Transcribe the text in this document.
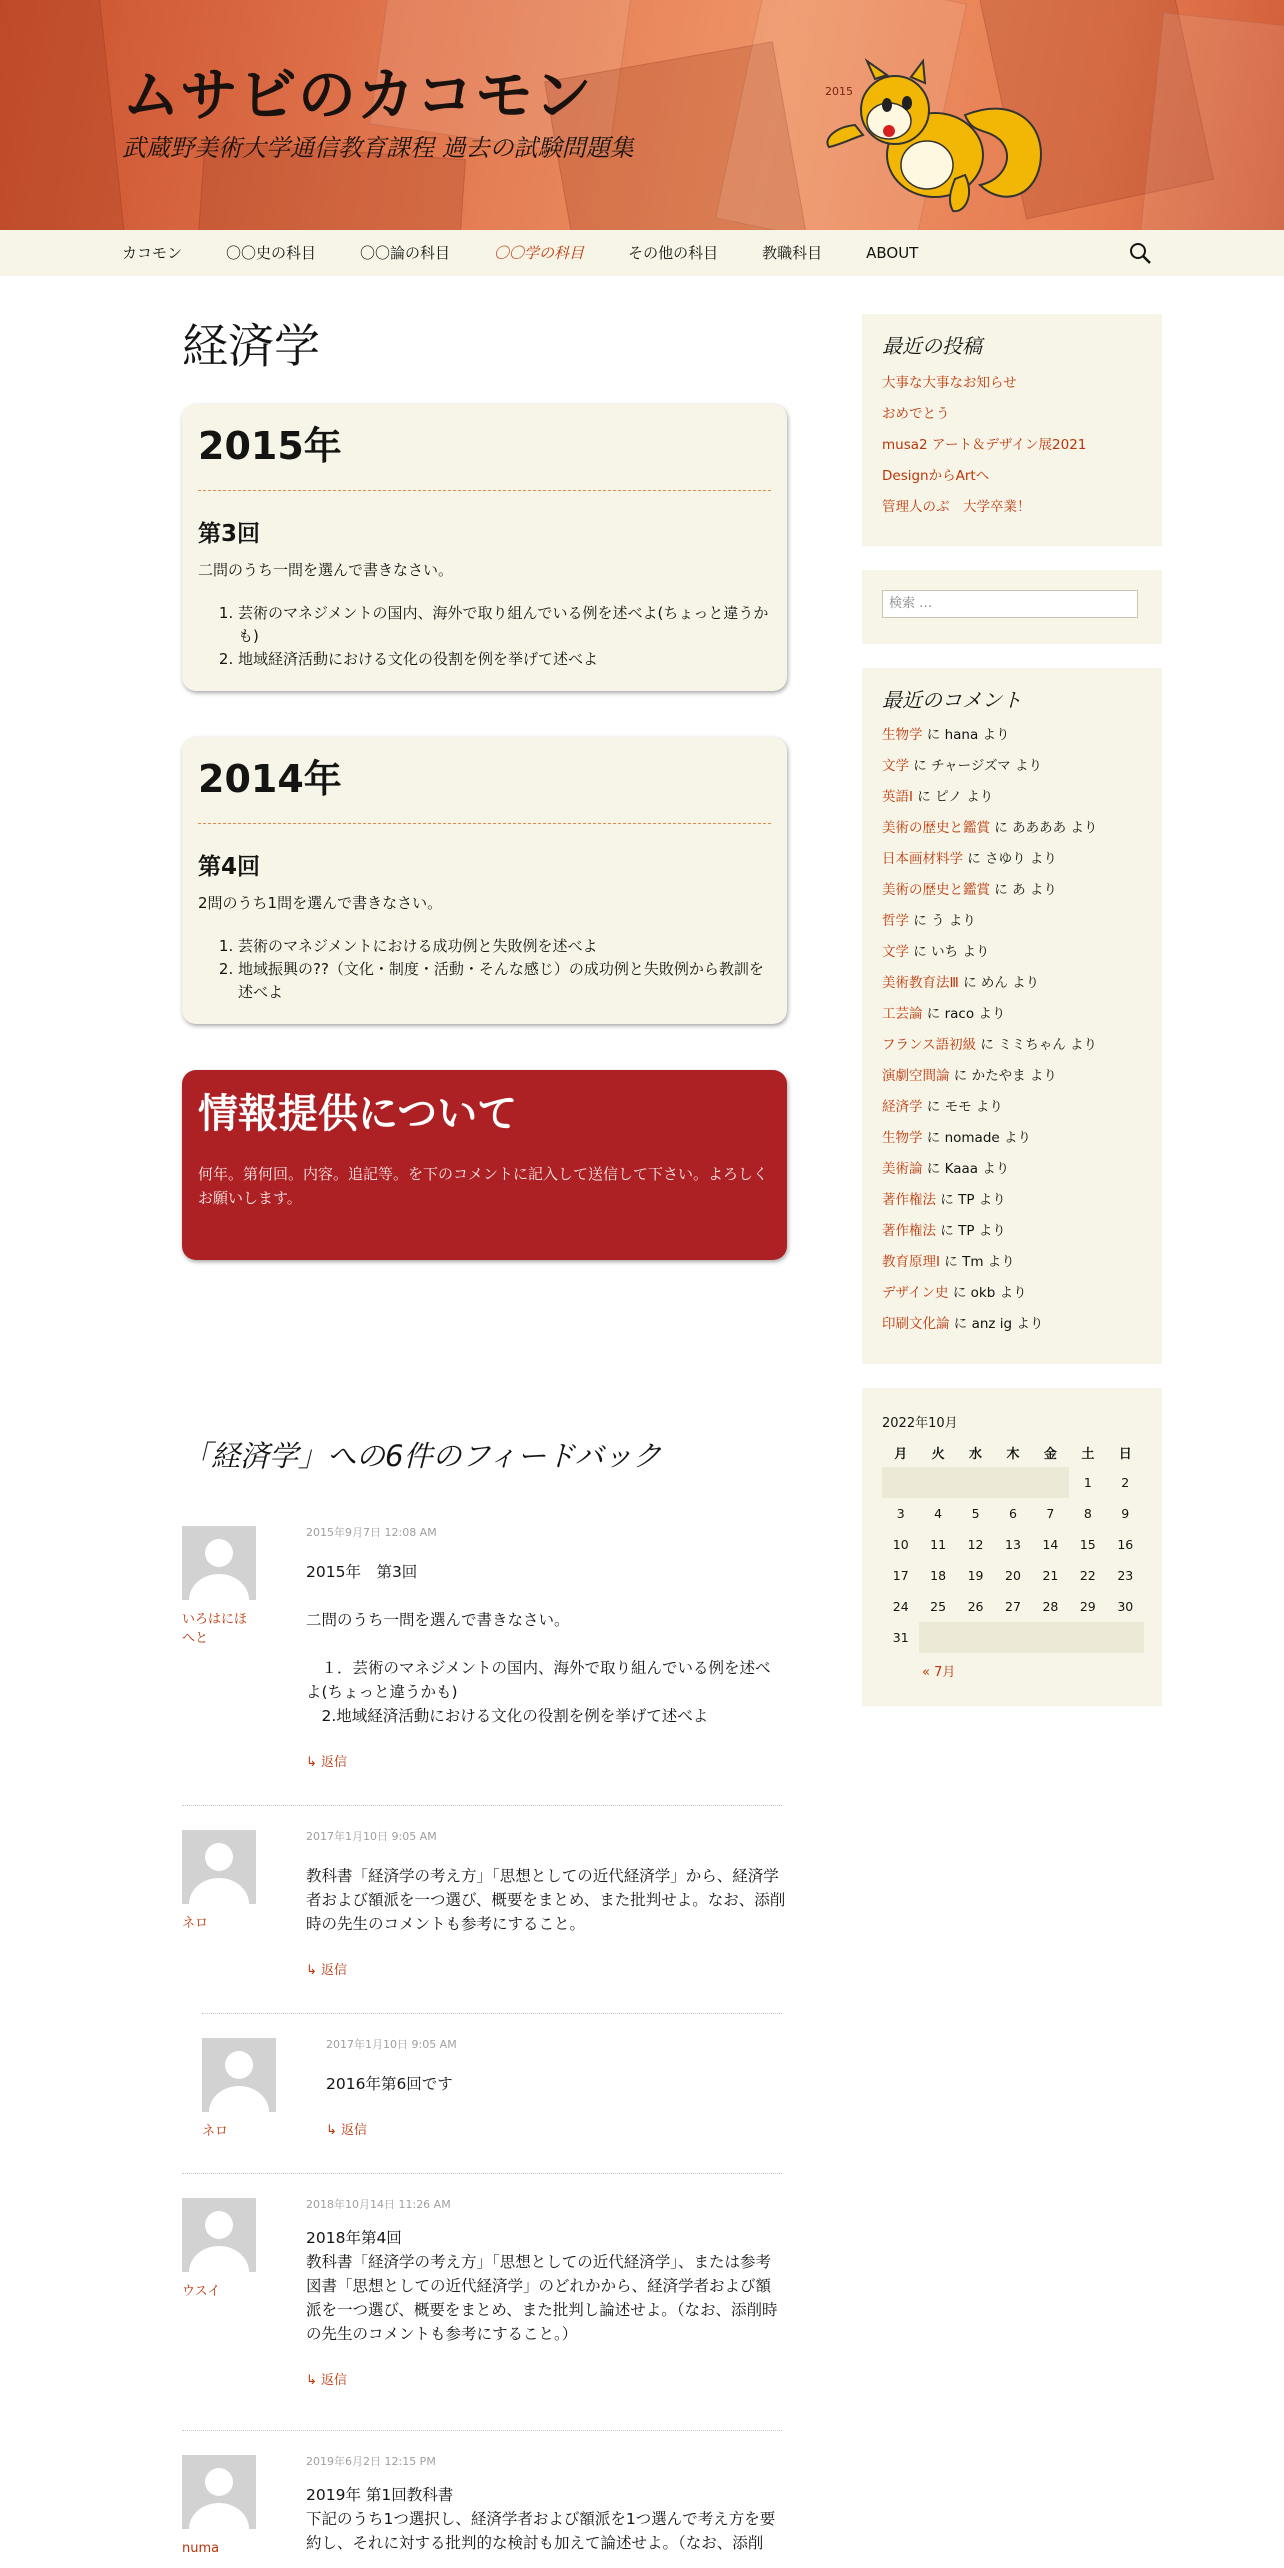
ムサビのカコモン

武蔵野美術大学通信教育課程 過去の試験問題集

2015
カコモン	〇〇史の科目	〇〇論の科目	〇〇学の科目	その他の科目	教職科目	ABOUT
経済学
2015年
第3回

二問のうち一問を選んで書きなさい。

1. 芸術のマネジメントの国内、海外で取り組んでいる例を述べよ(ちょっと違うかも)
2. 地域経済活動における文化の役割を例を挙げて述べよ
2014年
第4回

2問のうち1問を選んで書きなさい。

1. 芸術のマネジメントにおける成功例と失敗例を述べよ
2. 地域振興の??（文化・制度・活動・そんな感じ）の成功例と失敗例から教訓を述べよ
情報提供について

何年。第何回。内容。追記等。を下のコメントに記入して送信して下さい。よろしくお願いします。

「経済学」への6件のフィードバック
いろはにほへと
2015年9月7日 12:08 AM
2015年　第3回

二問のうち一問を選んで書きなさい。

　１．芸術のマネジメントの国内、海外で取り組んでいる例を述べよ(ちょっと違うかも)
　2.地域経済活動における文化の役割を例を挙げて述べよ
↳ 返信
ネロ
2017年1月10日 9:05 AM
教科書「経済学の考え方」「思想としての近代経済学」から、経済学者および額派を一つ選び、概要をまとめ、また批判せよ。なお、添削時の先生のコメントも参考にすること。
↳ 返信
ネロ
2017年1月10日 9:05 AM
2016年第6回です
↳ 返信
ウスイ
2018年10月14日 11:26 AM
2018年第4回
教科書「経済学の考え方」「思想としての近代経済学」、または参考図書「思想としての近代経済学」のどれかから、経済学者および額派を一つ選び、概要をまとめ、また批判し論述せよ。（なお、添削時の先生のコメントも参考にすること。）
↳ 返信
numa
2019年6月2日 12:15 PM
2019年 第1回教科書
下記のうち1つ選択し、経済学者および額派を1つ選んで考え方を要約し、それに対する批判的な検討も加えて論述せよ。（なお、添削
最近の投稿
大事な大事なお知らせ
おめでとう
musa2 アート＆デザイン展2021
DesignからArtへ
管理人のぶ　大学卒業！
検索 …
最近のコメント
生物学 に hana より
文学 に チャージズマ より
英語Ⅰ に ピノ より
美術の歴史と鑑賞 に ああああ より
日本画材料学 に さゆり より
美術の歴史と鑑賞 に あ より
哲学 に う より
文学 に いち より
美術教育法Ⅲ に めん より
工芸論 に raco より
フランス語初級 に ミミちゃん より
演劇空間論 に かたやま より
経済学 に モモ より
生物学 に nomade より
美術論 に Kaaa より
著作権法 に TP より
著作権法 に TP より
教育原理Ⅰ に Tm より
デザイン史 に okb より
印刷文化論 に anz ig より
2022年10月
月	火	水	木	金	土	日
					1	2
3	4	5	6	7	8	9
10	11	12	13	14	15	16
17	18	19	20	21	22	23
24	25	26	27	28	29	30
31						
« 7月
